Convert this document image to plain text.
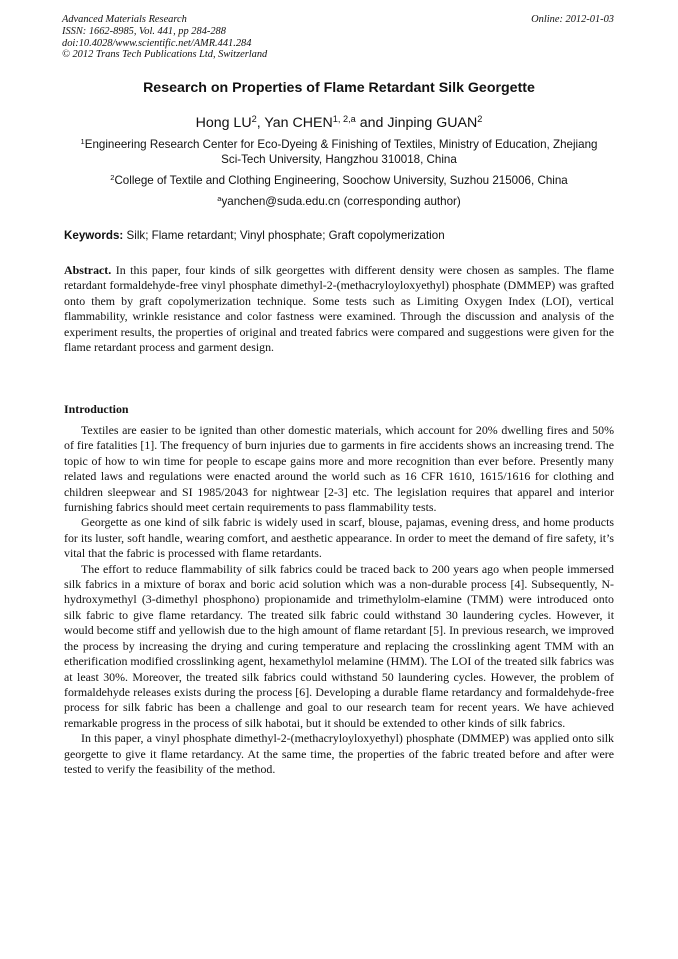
Advanced Materials Research
ISSN: 1662-8985, Vol. 441, pp 284-288
doi:10.4028/www.scientific.net/AMR.441.284
© 2012 Trans Tech Publications Ltd, Switzerland
Online: 2012-01-03
Research on Properties of Flame Retardant Silk Georgette
Hong $LU^2$, Yan CHEN$^{1, 2,a}$ and Jinping GUAN$^2$
$^1$Engineering Research Center for Eco-Dyeing & Finishing of Textiles, Ministry of Education, Zhejiang Sci-Tech University, Hangzhou 310018, China
$^2$College of Textile and Clothing Engineering, Soochow University, Suzhou 215006, China
$^a$yanchen@suda.edu.cn (corresponding author)
Keywords: Silk; Flame retardant; Vinyl phosphate; Graft copolymerization
Abstract. In this paper, four kinds of silk georgettes with different density were chosen as samples. The flame retardant formaldehyde-free vinyl phosphate dimethyl-2-(methacryloyloxyethyl) phosphate (DMMEP) was grafted onto them by graft copolymerization technique. Some tests such as Limiting Oxygen Index (LOI), vertical flammability, wrinkle resistance and color fastness were examined. Through the discussion and analysis of the experiment results, the properties of original and treated fabrics were compared and suggestions were given for the flame retardant process and garment design.
Introduction

Textiles are easier to be ignited than other domestic materials, which account for 20% dwelling fires and 50% of fire fatalities [1]. The frequency of burn injuries due to garments in fire accidents shows an increasing trend. The topic of how to win time for people to escape gains more and more recognition than ever before. Presently many related laws and regulations were enacted around the world such as 16 CFR 1610, 1615/1616 for clothing and children sleepwear and SI 1985/2043 for nightwear [2-3] etc. The legislation requires that apparel and interior furnishing fabrics should meet certain requirements to pass flammability tests.

Georgette as one kind of silk fabric is widely used in scarf, blouse, pajamas, evening dress, and home products for its luster, soft handle, wearing comfort, and aesthetic appearance. In order to meet the demand of fire safety, it’s vital that the fabric is processed with flame retardants.

The effort to reduce flammability of silk fabrics could be traced back to 200 years ago when people immersed silk fabrics in a mixture of borax and boric acid solution which was a non-durable process [4]. Subsequently, N-hydroxymethyl (3-dimethyl phosphono) propionamide and trimethylolm-elamine (TMM) were introduced onto silk fabric to give flame retardancy. The treated silk fabric could withstand 30 laundering cycles. However, it would become stiff and yellowish due to the high amount of flame retardant [5]. In previous research, we improved the process by increasing the drying and curing temperature and replacing the crosslinking agent TMM with an etherification modified crosslinking agent, hexamethylol melamine (HMM). The LOI of the treated silk fabrics was at least 30%. Moreover, the treated silk fabrics could withstand 50 laundering cycles. However, the problem of formaldehyde releases exists during the process [6]. Developing a durable flame retardancy and formaldehyde-free process for silk fabric has been a challenge and goal to our research team for recent years. We have achieved remarkable progress in the process of silk habotai, but it should be extended to other kinds of silk fabrics.

In this paper, a vinyl phosphate dimethyl-2-(methacryloyloxyethyl) phosphate (DMMEP) was applied onto silk georgette to give it flame retardancy. At the same time, the properties of the fabric treated before and after were tested to verify the feasibility of the method.
